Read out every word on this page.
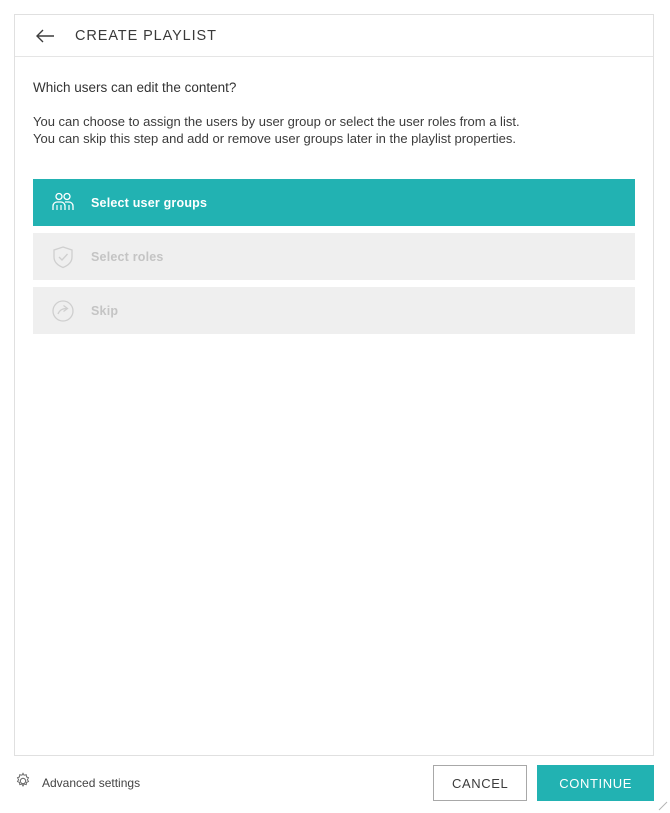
CREATE PLAYLIST
Which users can edit the content?
You can choose to assign the users by user group or select the user roles from a list.
You can skip this step and add or remove user groups later in the playlist properties.
Select user groups
Select roles
Skip
Advanced settings	CANCEL	CONTINUE
